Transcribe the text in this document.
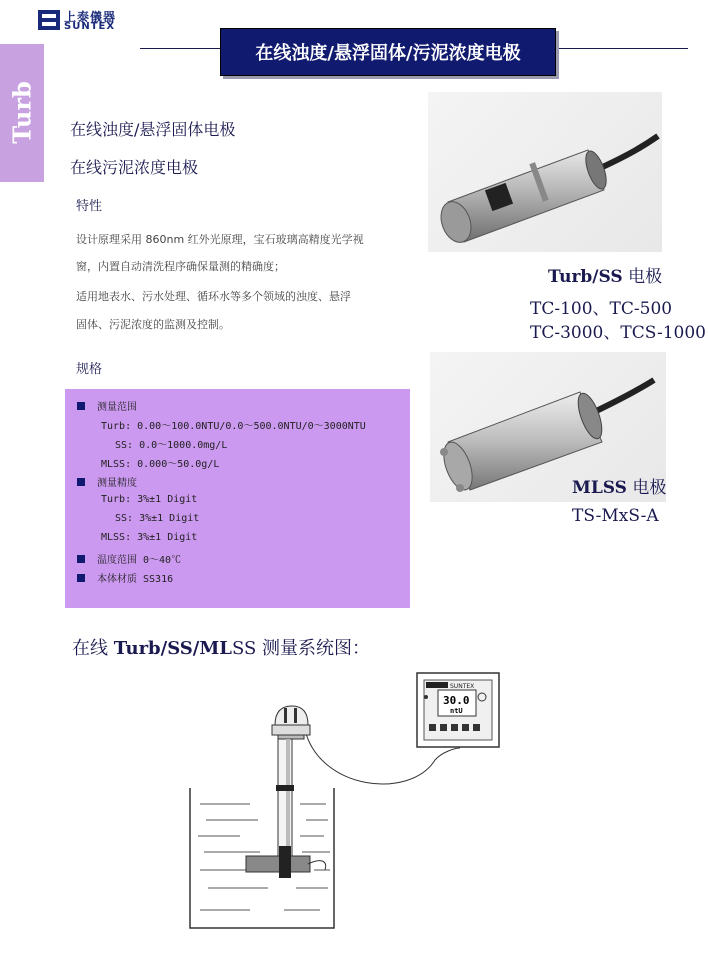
上泰儀器
SUNTEX
在线浊度/悬浮固体/污泥浓度电极
Turb 在线浊度/悬浮固体电极
在线污泥浓度电极
特性
设计原理采用 860nm 红外光原理，宝石玻璃高精度光学视
窗，内置自动清洗程序确保量测的精确度；
适用地表水、污水处理、循环水等多个领域的浊度、悬浮
固体、污泥浓度的监测及控制。
规格
测量范围
Turb: 0.00～100.0NTU/0.0～500.0NTU/0～3000NTU
SS: 0.0～1000.0mg/L
MLSS: 0.000～50.0g/L
测量精度
Turb: 3%±1 Digit
SS: 3%±1 Digit
MLSS: 3%±1 Digit
温度范围 0～40℃
本体材质 SS316
Turb/SS 电极
TC-100、TC-500
TC-3000、TCS-1000
MLSS 电极
TS-MxS-A
在线 Turb/SS/MLSS 测量系统图：
SUNTEX
30.0
ntU
